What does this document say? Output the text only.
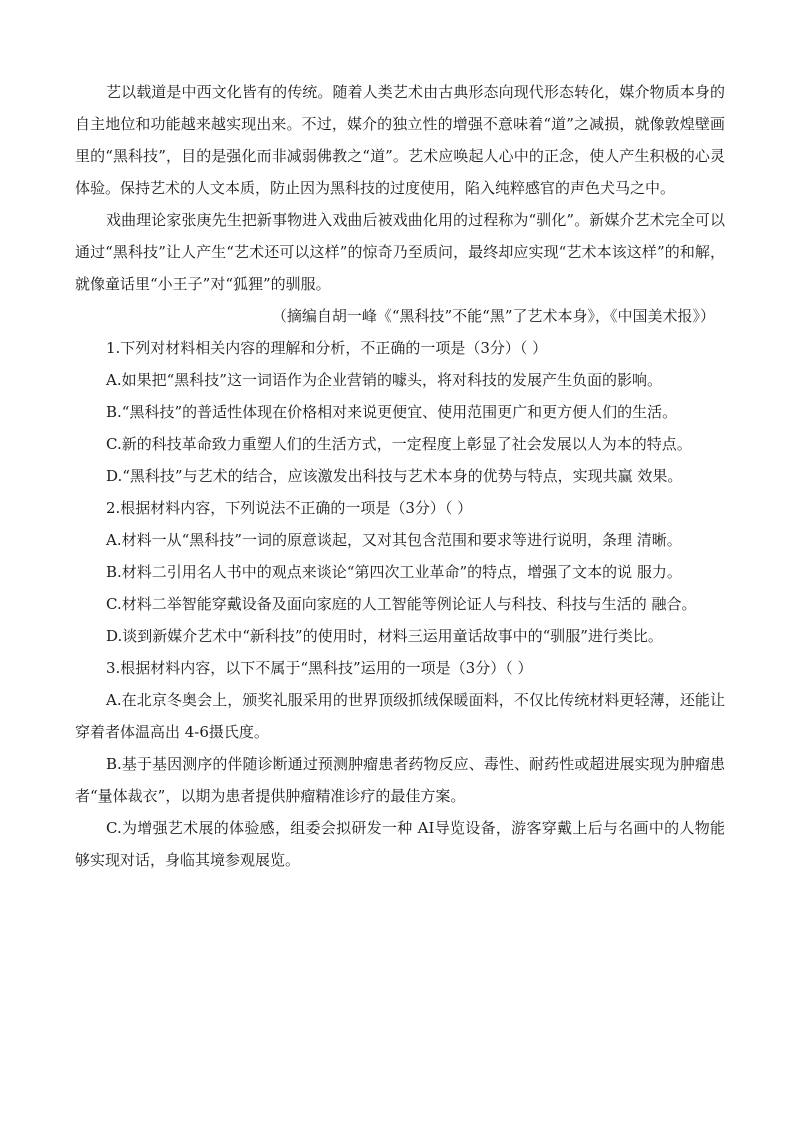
艺以载道是中西文化皆有的传统。随着人类艺术由古典形态向现代形态转化，媒介物质本身的自主地位和功能越来越实现出来。不过，媒介的独立性的增强不意味着“道”之减损，就像敦煌壁画里的“黑科技”，目的是强化而非减弱佛教之“道”。艺术应唤起人心中的正念，使人产生积极的心灵体验。保持艺术的人文本质，防止因为黑科技的过度使用，陷入纯粹感官的声色犬马之中。

戏曲理论家张庚先生把新事物进入戏曲后被戏曲化用的过程称为“驯化”。新媒介艺术完全可以通过“黑科技”让人产生“艺术还可以这样”的惊奇乃至质问，最终却应实现“艺术本该这样”的和解，就像童话里“小王子”对“狐狸”的驯服。

（摘编自胡一峰《“黑科技”不能“黑”了艺术本身》，《中国美术报》）

1.下列对材料相关内容的理解和分析，不正确的一项是（3分）（ ）

A.如果把“黑科技”这一词语作为企业营销的噱头，将对科技的发展产生负面的影响。

B.“黑科技”的普适性体现在价格相对来说更便宜、使用范围更广和更方便人们的生活。

C.新的科技革命致力重塑人们的生活方式，一定程度上彰显了社会发展以人为本的特点。

D.“黑科技”与艺术的结合，应该激发出科技与艺术本身的优势与特点，实现共赢 效果。

2.根据材料内容，下列说法不正确的一项是（3分）（ ）

A.材料一从“黑科技”一词的原意谈起，又对其包含范围和要求等进行说明，条理 清晰。

B.材料二引用名人书中的观点来谈论“第四次工业革命”的特点，增强了文本的说 服力。

C.材料二举智能穿戴设备及面向家庭的人工智能等例论证人与科技、科技与生活的 融合。

D.谈到新媒介艺术中“新科技”的使用时，材料三运用童话故事中的“驯服”进行类比。

3.根据材料内容，以下不属于“黑科技”运用的一项是（3分）（ ）

A.在北京冬奥会上，颁奖礼服采用的世界顶级抓绒保暖面料，不仅比传统材料更轻薄，还能让穿着者体温高出 4-6摄氏度。

B.基于基因测序的伴随诊断通过预测肿瘤患者药物反应、毒性、耐药性或超进展实现为肿瘤患者“量体裁衣”，以期为患者提供肿瘤精准诊疗的最佳方案。

C.为增强艺术展的体验感，组委会拟研发一种 AI导览设备，游客穿戴上后与名画中的人物能够实现对话，身临其境参观展览。
